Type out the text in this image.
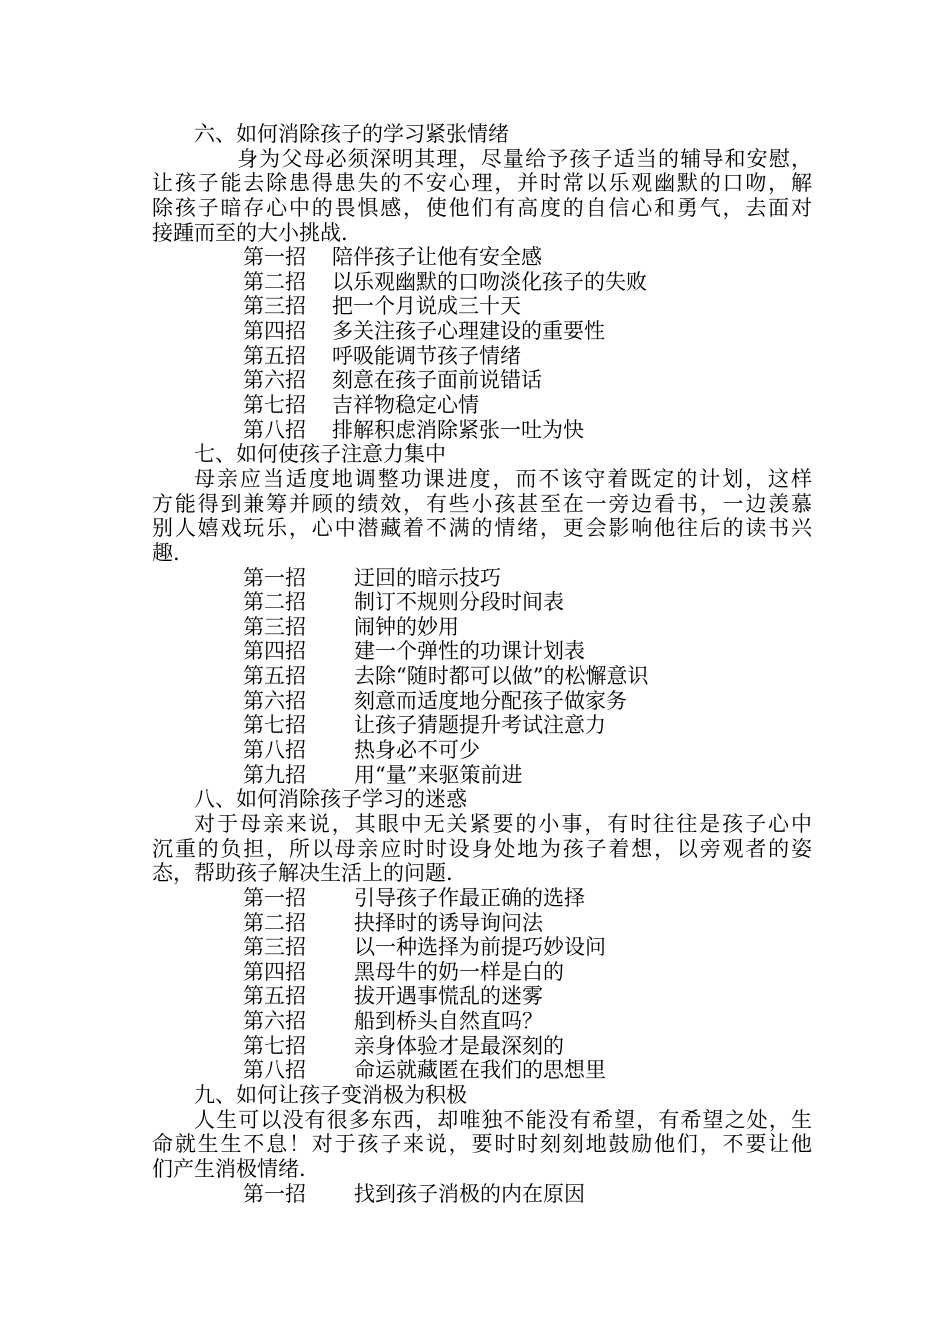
六、如何消除孩子的学习紧张情绪
身为父母必须深明其理，尽量给予孩子适当的辅导和安慰，
让孩子能去除患得患失的不安心理，并时常以乐观幽默的口吻，解
除孩子暗存心中的畏惧感，使他们有高度的自信心和勇气，去面对
接踵而至的大小挑战.
第一招 陪伴孩子让他有安全感
第二招 以乐观幽默的口吻淡化孩子的失败
第三招 把一个月说成三十天
第四招 多关注孩子心理建设的重要性
第五招 呼吸能调节孩子情绪
第六招 刻意在孩子面前说错话
第七招 吉祥物稳定心情
第八招 排解积虑消除紧张一吐为快
七、如何使孩子注意力集中
母亲应当适度地调整功课进度，而不该守着既定的计划，这样
方能得到兼筹并顾的绩效，有些小孩甚至在一旁边看书，一边羡慕
别人嬉戏玩乐，心中潜藏着不满的情绪，更会影响他往后的读书兴
趣.
第一招 迂回的暗示技巧
第二招 制订不规则分段时间表
第三招 闹钟的妙用
第四招 建一个弹性的功课计划表
第五招 去除“随时都可以做”的松懈意识
第六招 刻意而适度地分配孩子做家务
第七招 让孩子猜题提升考试注意力
第八招 热身必不可少
第九招 用“量”来驱策前进
八、如何消除孩子学习的迷惑
对于母亲来说，其眼中无关紧要的小事，有时往往是孩子心中
沉重的负担，所以母亲应时时设身处地为孩子着想，以旁观者的姿
态，帮助孩子解决生活上的问题.
第一招 引导孩子作最正确的选择
第二招 抉择时的诱导询问法
第三招 以一种选择为前提巧妙设问
第四招 黑母牛的奶一样是白的
第五招 拔开遇事慌乱的迷雾
第六招 船到桥头自然直吗？
第七招 亲身体验才是最深刻的
第八招 命运就藏匿在我们的思想里
九、如何让孩子变消极为积极
人生可以没有很多东西，却唯独不能没有希望，有希望之处，生
命就生生不息！对于孩子来说，要时时刻刻地鼓励他们，不要让他
们产生消极情绪.
第一招 找到孩子消极的内在原因
